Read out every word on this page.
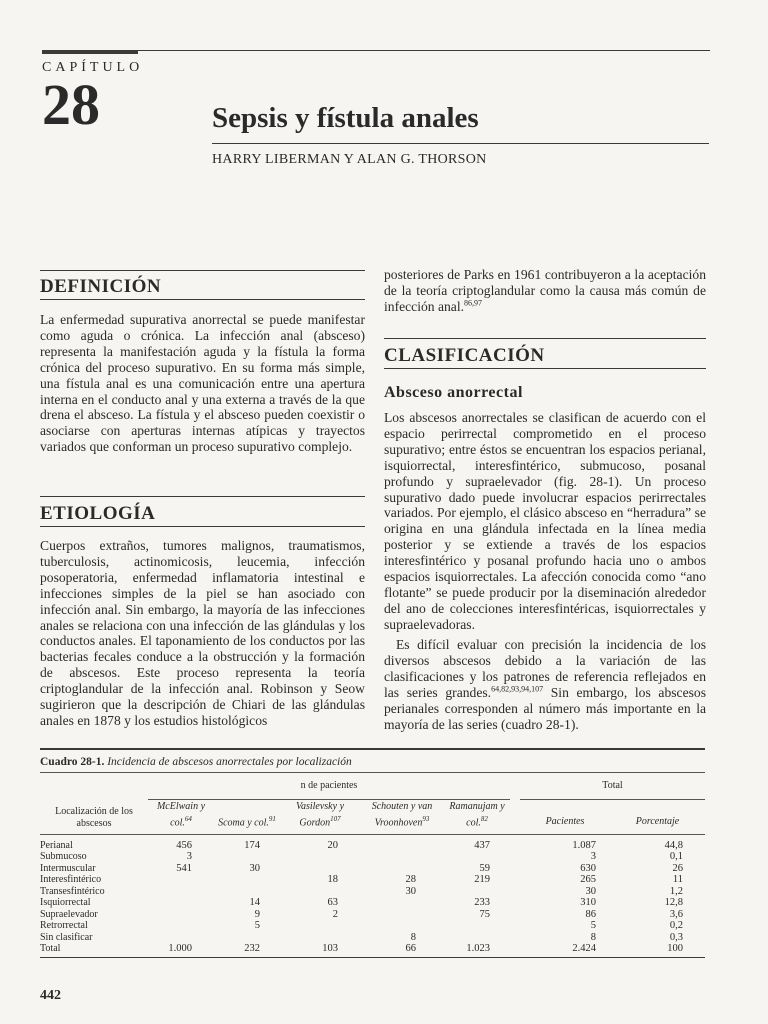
CAPÍTULO
28	Sepsis y fístula anales
HARRY LIBERMAN Y ALAN G. THORSON
DEFINICIÓN
La enfermedad supurativa anorrectal se puede manifestar como aguda o crónica. La infección anal (absceso) representa la manifestación aguda y la fístula la forma crónica del proceso supurativo. En su forma más simple, una fístula anal es una comunicación entre una apertura interna en el conducto anal y una externa a través de la que drena el absceso. La fístula y el absceso pueden coexistir o asociarse con aperturas internas atípicas y trayectos variados que conforman un proceso supurativo complejo.
ETIOLOGÍA
Cuerpos extraños, tumores malignos, traumatismos, tuberculosis, actinomicosis, leucemia, infección posoperatoria, enfermedad inflamatoria intestinal e infecciones simples de la piel se han asociado con infección anal. Sin embargo, la mayoría de las infecciones anales se relaciona con una infección de las glándulas y los conductos anales. El taponamiento de los conductos por las bacterias fecales conduce a la obstrucción y la formación de abscesos. Este proceso representa la teoría criptoglandular de la infección anal. Robinson y Seow sugirieron que la descripción de Chiari de las glándulas anales en 1878 y los estudios histológicos
posteriores de Parks en 1961 contribuyeron a la aceptación de la teoría criptoglandular como la causa más común de infección anal.$^{86,97}$
CLASIFICACIÓN
Absceso anorrectal
Los abscesos anorrectales se clasifican de acuerdo con el espacio perirrectal comprometido en el proceso supurativo; entre éstos se encuentran los espacios perianal, isquiorrectal, interesfintérico, submucoso, posanal profundo y supraelevador (fig. 28-1). Un proceso supurativo dado puede involucrar espacios perirrectales variados. Por ejemplo, el clásico absceso en “herradura” se origina en una glándula infectada en la línea media posterior y se extiende a través de los espacios interesfintérico y posanal profundo hacia uno o ambos espacios isquiorrectales. La afección conocida como “ano flotante” se puede producir por la diseminación alrededor del ano de colecciones interesfintéricas, isquiorrectales y supraelevadoras.
Es difícil evaluar con precisión la incidencia de los diversos abscesos debido a la variación de las clasificaciones y los patrones de referencia reflejados en las series grandes.$^{64,82,93,94,107}$ Sin embargo, los abscesos perianales corresponden al número más importante en la mayoría de las series (cuadro 28-1).
Cuadro 28-1. Incidencia de abscesos anorrectales por localización
	n de pacientes						Total	
Localización de los abscesos	McElwain y col.$^{64}$	Scoma y col.$^{91}$	Vasilevsky y Gordon$^{107}$	Schouten y van Vroonhoven$^{93}$	Ramanujam y col.$^{82}$		Pacientes	Porcentaje
Perianal	456	174	20		437		1.087	44,8
Submucoso	3						3	0,1
Intermuscular	541	30			59		630	26
Interesfintérico			18	28	219		265	11
Transesfintérico				30			30	1,2
Isquiorrectal		14	63		233		310	12,8
Supraelevador		9	2		75		86	3,6
Retrorrectal		5					5	0,2
Sin clasificar				8			8	0,3
Total	1.000	232	103	66	1.023		2.424	100
442
